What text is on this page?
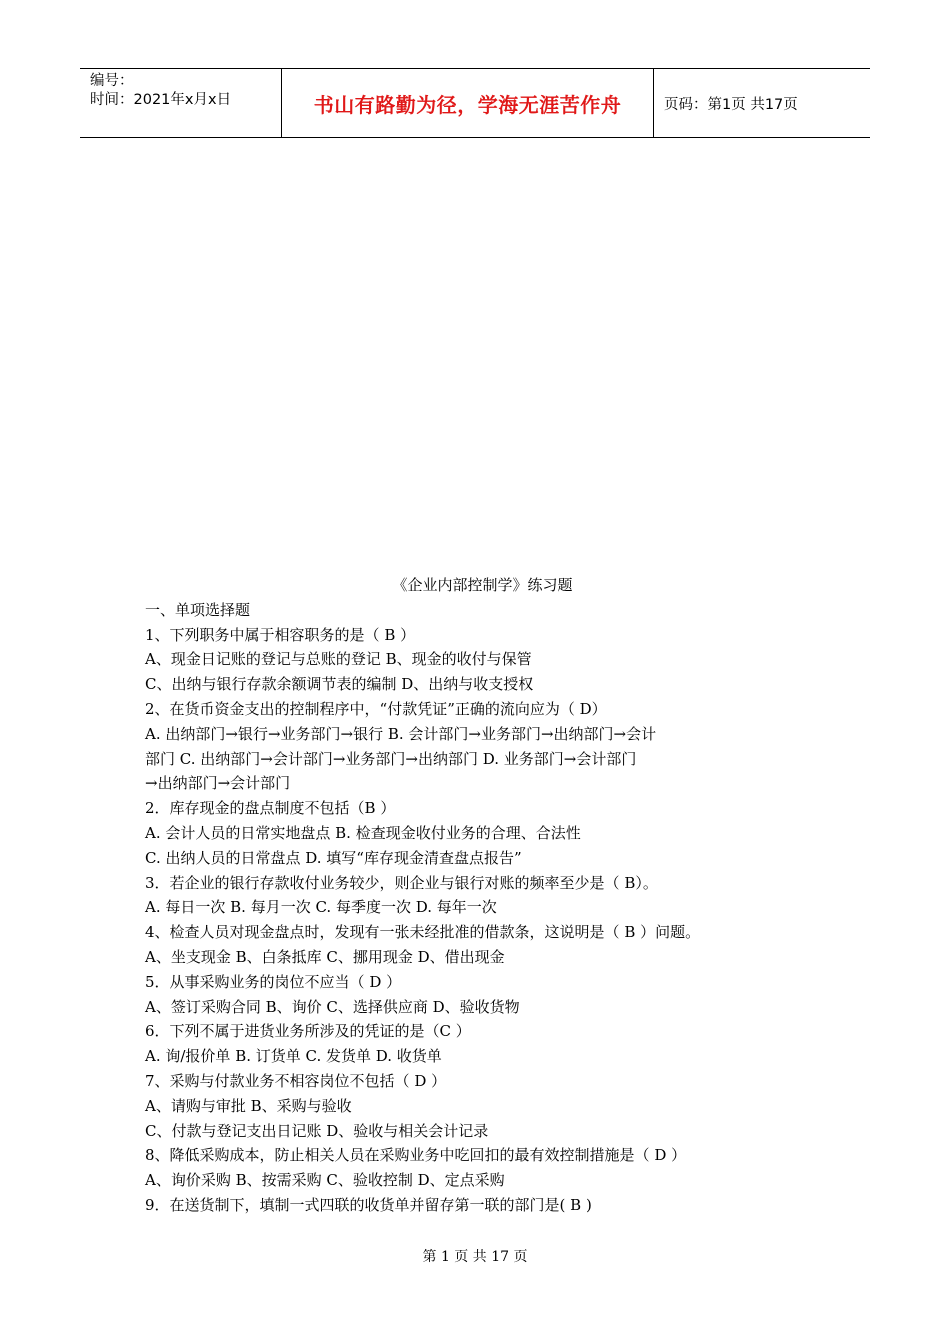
编号：
时间：2021年x月x日	书山有路勤为径，学海无涯苦作舟	页码：第1页 共17页
《企业内部控制学》练习题
一、单项选择题
1、下列职务中属于相容职务的是（ B ）
A、现金日记账的登记与总账的登记 B、现金的收付与保管
C、出纳与银行存款余额调节表的编制 D、出纳与收支授权
2、在货币资金支出的控制程序中，“付款凭证”正确的流向应为（ D）
A. 出纳部门→银行→业务部门→银行 B. 会计部门→业务部门→出纳部门→会计
部门 C. 出纳部门→会计部门→业务部门→出纳部门 D. 业务部门→会计部门
→出纳部门→会计部门
2．库存现金的盘点制度不包括（B ）
A. 会计人员的日常实地盘点 B. 检查现金收付业务的合理、合法性
C. 出纳人员的日常盘点 D. 填写“库存现金清查盘点报告”
3．若企业的银行存款收付业务较少，则企业与银行对账的频率至少是（ B）。
A. 每日一次 B. 每月一次 C. 每季度一次 D. 每年一次
4、检查人员对现金盘点时，发现有一张未经批准的借款条，这说明是（ B ）问题。
A、坐支现金 B、白条抵库 C、挪用现金 D、借出现金
5．从事采购业务的岗位不应当（ D ）
A、签订采购合同 B、询价 C、选择供应商 D、验收货物
6．下列不属于进货业务所涉及的凭证的是（C ）
A. 询/报价单 B. 订货单 C. 发货单 D. 收货单
7、采购与付款业务不相容岗位不包括（ D ）
A、请购与审批 B、采购与验收
C、付款与登记支出日记账 D、验收与相关会计记录
8、降低采购成本，防止相关人员在采购业务中吃回扣的最有效控制措施是（ D ）
A、询价采购 B、按需采购 C、验收控制 D、定点采购
9．在送货制下，填制一式四联的收货单并留存第一联的部门是( B )
第 1 页 共 17 页
